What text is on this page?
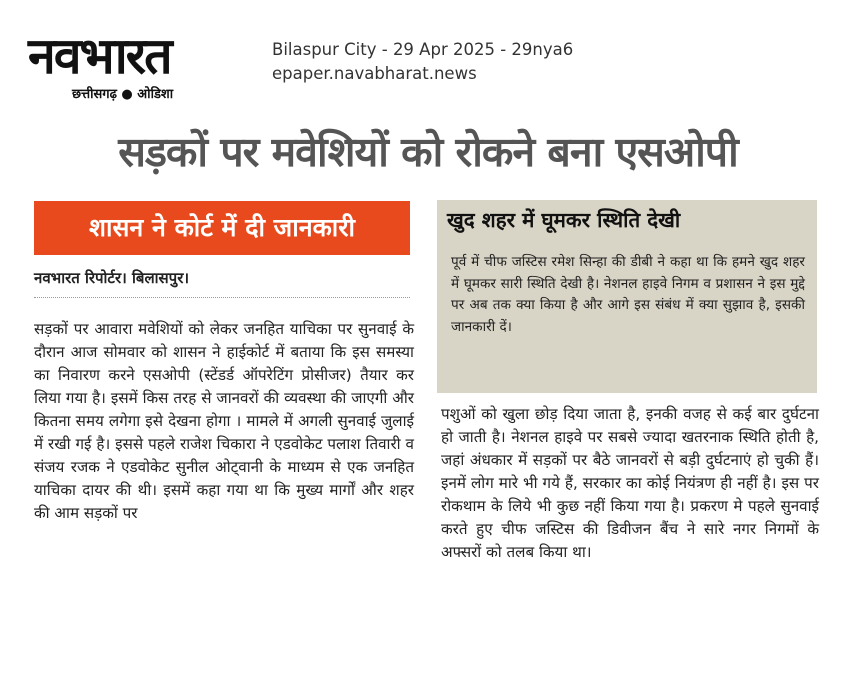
नवभारत
छत्तीसगढ़ ● ओडिशा
Bilaspur City - 29 Apr 2025 - 29nya6
epaper.navabharat.news
सड़कों पर मवेशियों को रोकने बना एसओपी
शासन ने कोर्ट में दी जानकारी
नवभारत रिपोर्टर। बिलासपुर।

सड़कों पर आवारा मवेशियों को लेकर जनहित याचिका पर सुनवाई के दौरान आज सोमवार को शासन ने हाईकोर्ट में बताया कि इस समस्या का निवारण करने एसओपी (स्टेंडर्ड ऑपरेटिंग प्रोसीजर) तैयार कर लिया गया है। इसमें किस तरह से जानवरों की व्यवस्था की जाएगी और कितना समय लगेगा इसे देखना होगा । मामले में अगली सुनवाई जुलाई में रखी गई है। इससे पहले राजेश चिकारा ने एडवोकेट पलाश तिवारी व संजय रजक ने एडवोकेट सुनील ओट्वानी के माध्यम से एक जनहित याचिका दायर की थी। इसमें कहा गया था कि मुख्य मार्गों और शहर की आम सड़कों पर

खुद शहर में घूमकर स्थिति देखी

पूर्व में चीफ जस्टिस रमेश सिन्हा की डीबी ने कहा था कि हमने खुद शहर में घूमकर सारी स्थिति देखी है। नेशनल हाइवे निगम व प्रशासन ने इस मुद्दे पर अब तक क्या किया है और आगे इस संबंध में क्या सुझाव है, इसकी जानकारी दें।

पशुओं को खुला छोड़ दिया जाता है, इनकी वजह से कई बार दुर्घटना हो जाती है। नेशनल हाइवे पर सबसे ज्यादा खतरनाक स्थिति होती है, जहां अंधकार में सड़कों पर बैठे जानवरों से बड़ी दुर्घटनाएं हो चुकी हैं। इनमें लोग मारे भी गये हैं, सरकार का कोई नियंत्रण ही नहीं है। इस पर रोकथाम के लिये भी कुछ नहीं किया गया है। प्रकरण मे पहले सुनवाई करते हुए चीफ जस्टिस की डिवीजन बैंच ने सारे नगर निगमों के अफ्सरों को तलब किया था।
